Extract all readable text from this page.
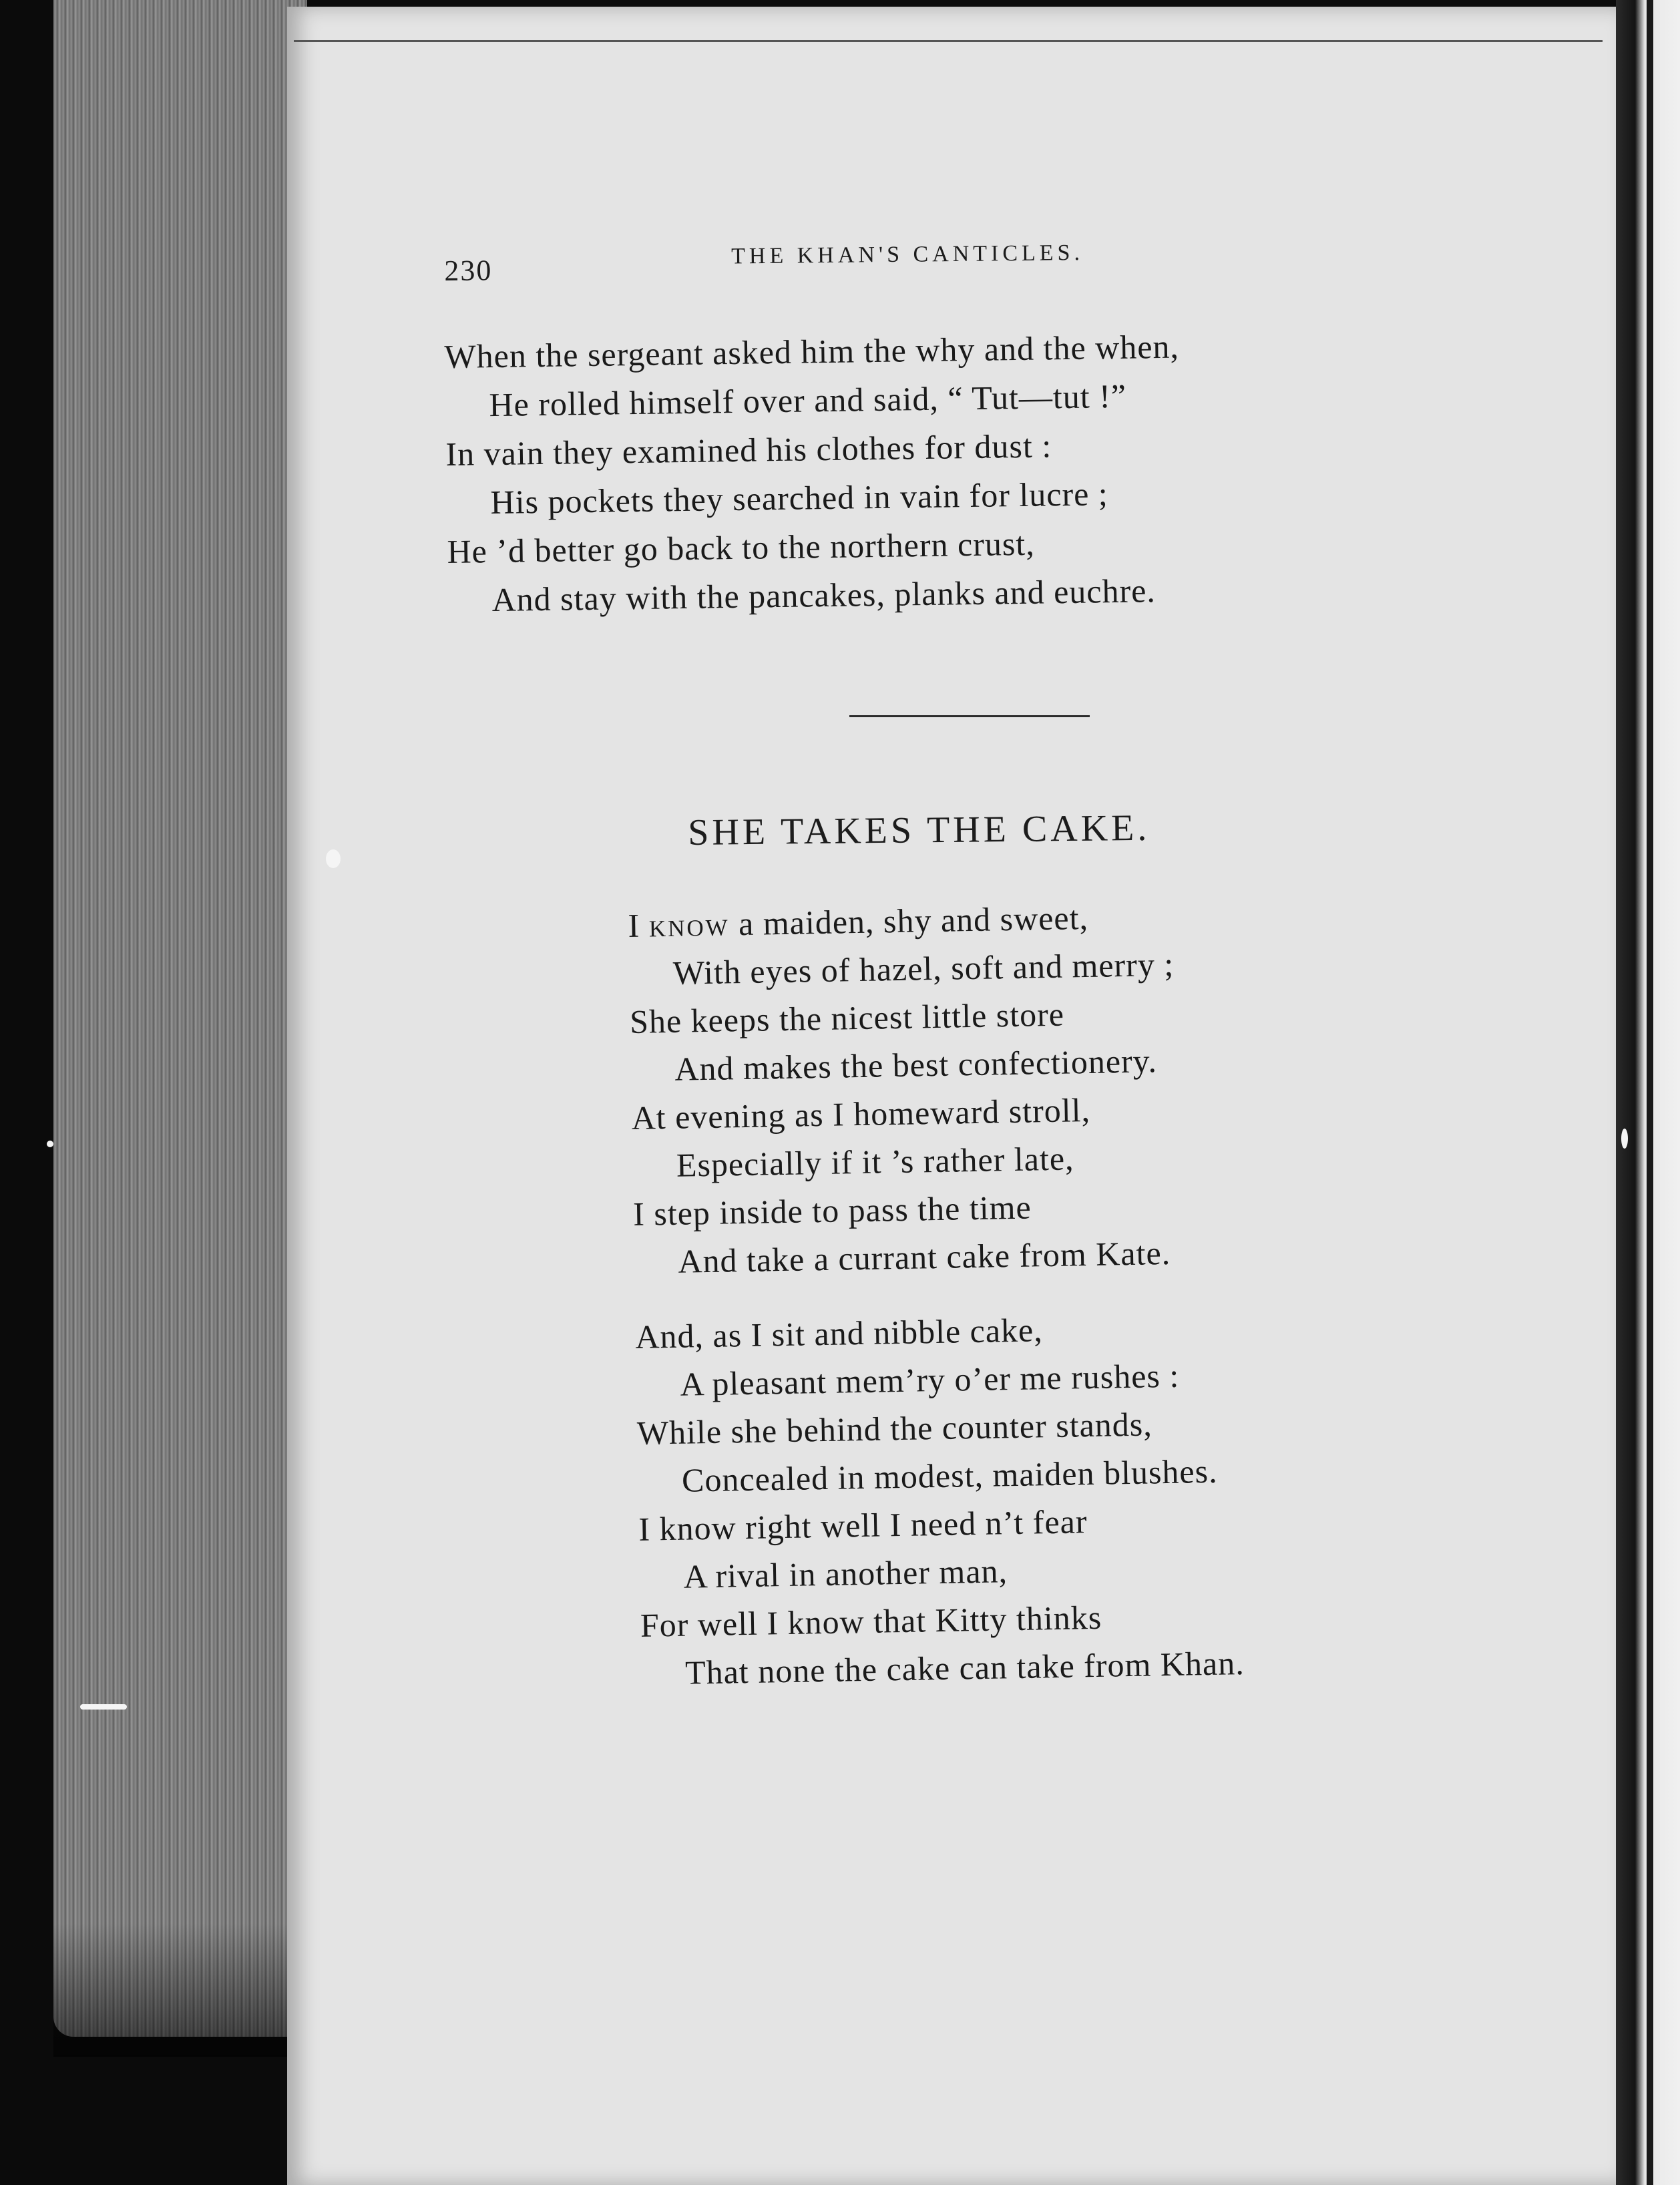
230	THE KHAN'S CANTICLES.
When the sergeant asked him the why and the when,
He rolled himself over and said, “ Tut—tut !”
In vain they examined his clothes for dust :
His pockets they searched in vain for lucre ;
He ’d better go back to the northern crust,
And stay with the pancakes, planks and euchre.
SHE TAKES THE CAKE.
I know a maiden, shy and sweet,
With eyes of hazel, soft and merry ;
She keeps the nicest little store
And makes the best confectionery.
At evening as I homeward stroll,
Especially if it ’s rather late,
I step inside to pass the time
And take a currant cake from Kate.
And, as I sit and nibble cake,
A pleasant mem’ry o’er me rushes :
While she behind the counter stands,
Concealed in modest, maiden blushes.
I know right well I need n’t fear
A rival in another man,
For well I know that Kitty thinks
That none the cake can take from Khan.
